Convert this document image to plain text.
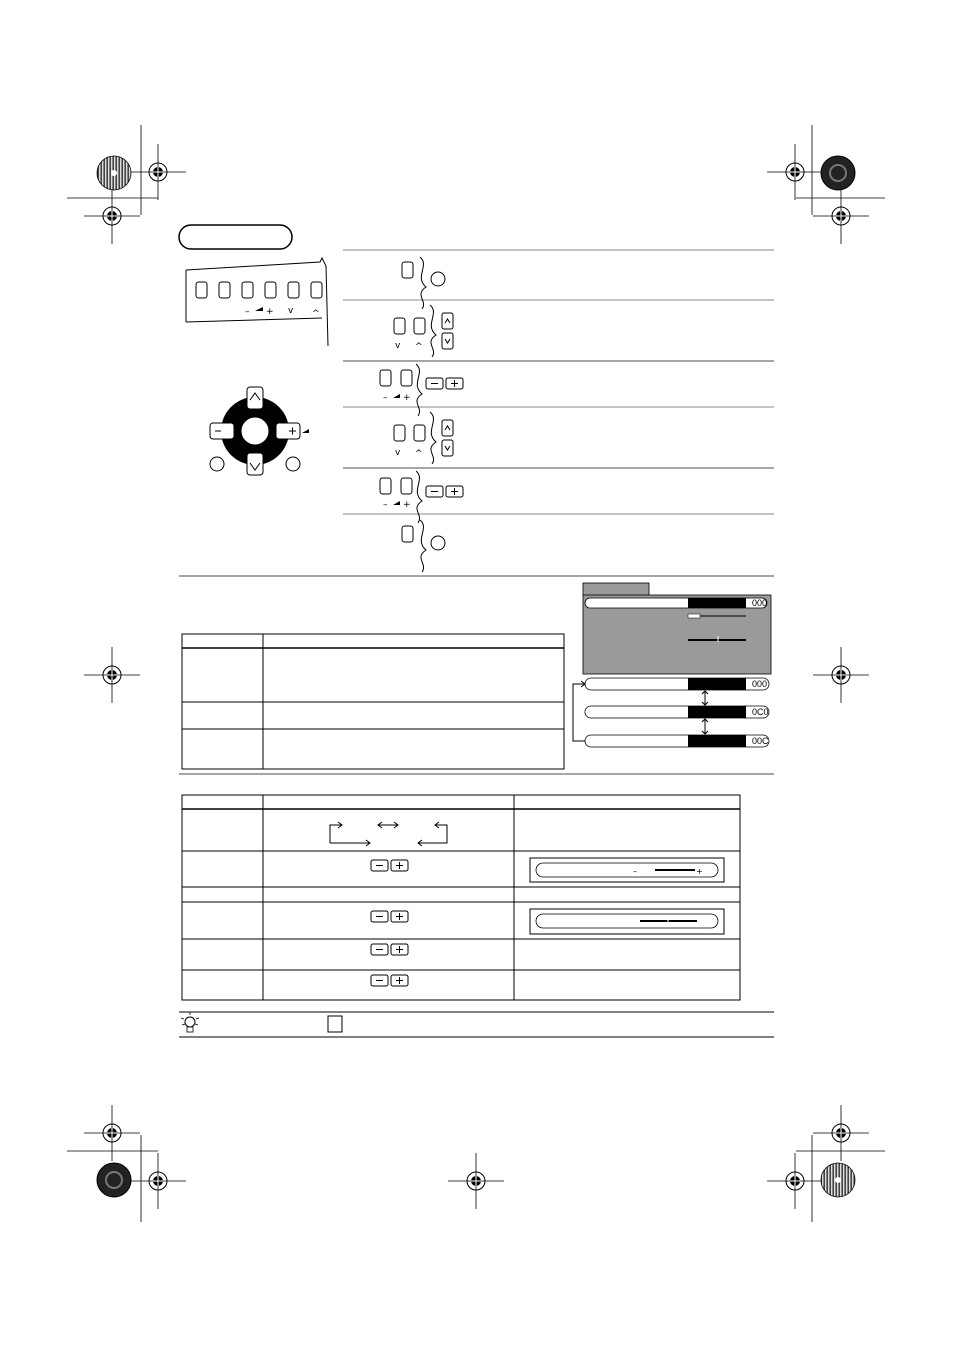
– + v ^
v ^
– +
v ^
– +
000
000
0C0
00C
–	+
